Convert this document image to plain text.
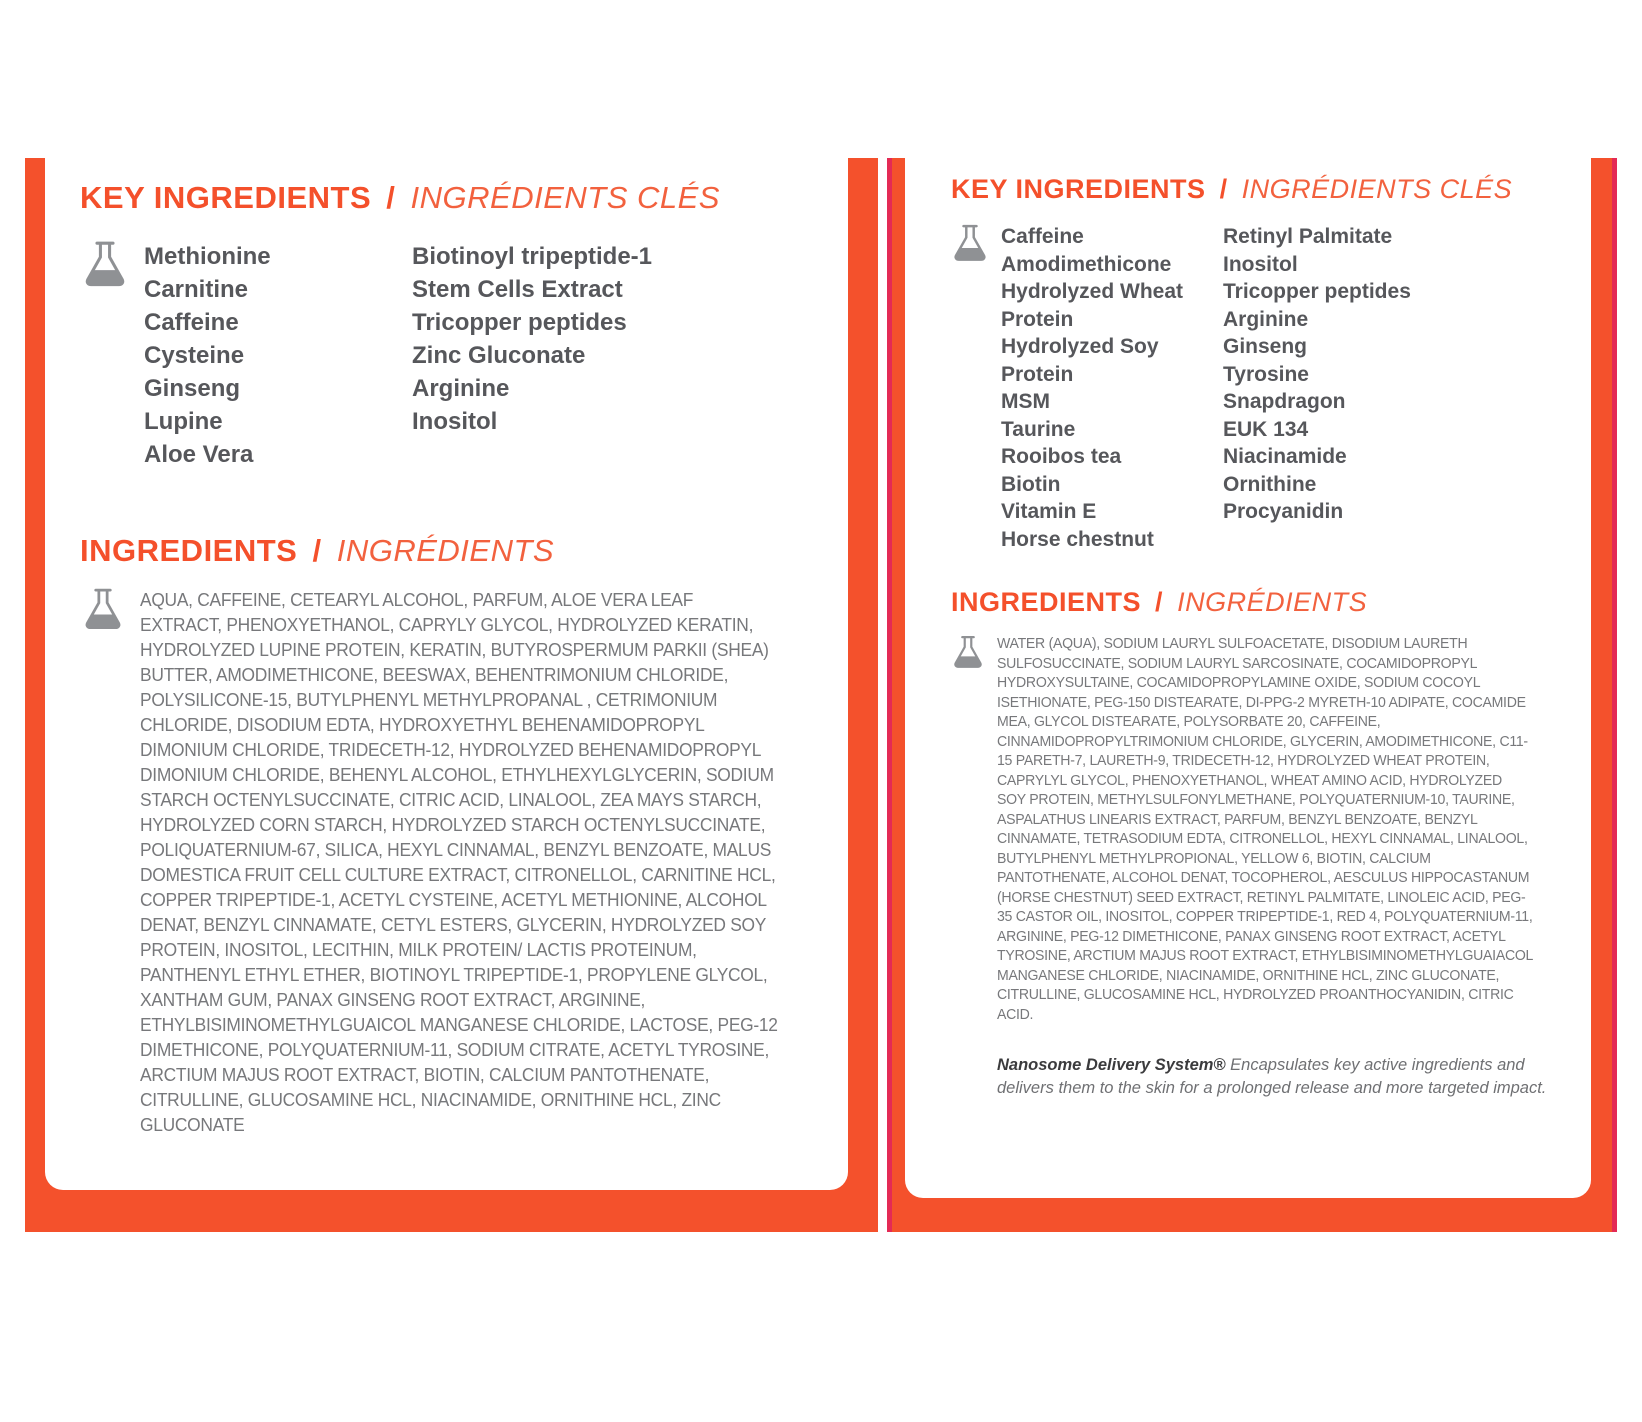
KEY INGREDIENTS / INGRÉDIENTS CLÉS
Methionine
Carnitine
Caffeine
Cysteine
Ginseng
Lupine
Aloe Vera
Biotinoyl tripeptide-1
Stem Cells Extract
Tricopper peptides
Zinc Gluconate
Arginine
Inositol
INGREDIENTS / INGRÉDIENTS

AQUA, CAFFEINE, CETEARYL ALCOHOL, PARFUM, ALOE VERA LEAF EXTRACT, PHENOXYETHANOL, CAPRYLY GLYCOL, HYDROLYZED KERATIN, HYDROLYZED LUPINE PROTEIN, KERATIN, BUTYROSPERMUM PARKII (SHEA) BUTTER, AMODIMETHICONE, BEESWAX, BEHENTRIMONIUM CHLORIDE, POLYSILICONE-15, BUTYLPHENYL METHYLPROPANAL , CETRIMONIUM CHLORIDE, DISODIUM EDTA, HYDROXYETHYL BEHENAMIDOPROPYL DIMONIUM CHLORIDE, TRIDECETH-12, HYDROLYZED BEHENAMIDOPROPYL DIMONIUM CHLORIDE, BEHENYL ALCOHOL, ETHYLHEXYLGLYCERIN, SODIUM STARCH OCTENYLSUCCINATE, CITRIC ACID, LINALOOL, ZEA MAYS STARCH, HYDROLYZED CORN STARCH, HYDROLYZED STARCH OCTENYLSUCCINATE, POLIQUATERNIUM-67, SILICA, HEXYL CINNAMAL, BENZYL BENZOATE, MALUS DOMESTICA FRUIT CELL CULTURE EXTRACT, CITRONELLOL, CARNITINE HCL, COPPER TRIPEPTIDE-1, ACETYL CYSTEINE, ACETYL METHIONINE, ALCOHOL DENAT, BENZYL CINNAMATE, CETYL ESTERS, GLYCERIN, HYDROLYZED SOY PROTEIN, INOSITOL, LECITHIN, MILK PROTEIN/ LACTIS PROTEINUM, PANTHENYL ETHYL ETHER, BIOTINOYL TRIPEPTIDE-1, PROPYLENE GLYCOL, XANTHAM GUM, PANAX GINSENG ROOT EXTRACT, ARGININE, ETHYLBISIMINOMETHYLGUAICOL MANGANESE CHLORIDE, LACTOSE, PEG-12 DIMETHICONE, POLYQUATERNIUM-11, SODIUM CITRATE, ACETYL TYROSINE, ARCTIUM MAJUS ROOT EXTRACT, BIOTIN, CALCIUM PANTOTHENATE, CITRULLINE, GLUCOSAMINE HCL, NIACINAMIDE, ORNITHINE HCL, ZINC GLUCONATE

KEY INGREDIENTS / INGRÉDIENTS CLÉS
Caffeine
Amodimethicone
Hydrolyzed Wheat Protein
Hydrolyzed Soy Protein
MSM
Taurine
Rooibos tea
Biotin
Vitamin E
Horse chestnut
Retinyl Palmitate
Inositol
Tricopper peptides
Arginine
Ginseng
Tyrosine
Snapdragon
EUK 134
Niacinamide
Ornithine
Procyanidin
INGREDIENTS / INGRÉDIENTS

WATER (AQUA), SODIUM LAURYL SULFOACETATE, DISODIUM LAURETH SULFOSUCCINATE, SODIUM LAURYL SARCOSINATE, COCAMIDOPROPYL HYDROXYSULTAINE, COCAMIDOPROPYLAMINE OXIDE, SODIUM COCOYL ISETHIONATE, PEG-150 DISTEARATE, DI-PPG-2 MYRETH-10 ADIPATE, COCAMIDE MEA, GLYCOL DISTEARATE, POLYSORBATE 20, CAFFEINE, CINNAMIDOPROPYLTRIMONIUM CHLORIDE, GLYCERIN, AMODIMETHICONE, C11-15 PARETH-7, LAURETH-9, TRIDECETH-12, HYDROLYZED WHEAT PROTEIN, CAPRYLYL GLYCOL, PHENOXYETHANOL, WHEAT AMINO ACID, HYDROLYZED SOY PROTEIN, METHYLSULFONYLMETHANE, POLYQUATERNIUM-10, TAURINE, ASPALATHUS LINEARIS EXTRACT, PARFUM, BENZYL BENZOATE, BENZYL CINNAMATE, TETRASODIUM EDTA, CITRONELLOL, HEXYL CINNAMAL, LINALOOL, BUTYLPHENYL METHYLPROPIONAL, YELLOW 6, BIOTIN, CALCIUM PANTOTHENATE, ALCOHOL DENAT, TOCOPHEROL, AESCULUS HIPPOCASTANUM (HORSE CHESTNUT) SEED EXTRACT, RETINYL PALMITATE, LINOLEIC ACID, PEG-35 CASTOR OIL, INOSITOL, COPPER TRIPEPTIDE-1, RED 4, POLYQUATERNIUM-11, ARGININE, PEG-12 DIMETHICONE, PANAX GINSENG ROOT EXTRACT, ACETYL TYROSINE, ARCTIUM MAJUS ROOT EXTRACT, ETHYLBISIMINOMETHYLGUAIACOL MANGANESE CHLORIDE, NIACINAMIDE, ORNITHINE HCL, ZINC GLUCONATE, CITRULLINE, GLUCOSAMINE HCL, HYDROLYZED PROANTHOCYANIDIN, CITRIC ACID.

Nanosome Delivery System® Encapsulates key active ingredients and delivers them to the skin for a prolonged release and more targeted impact.
